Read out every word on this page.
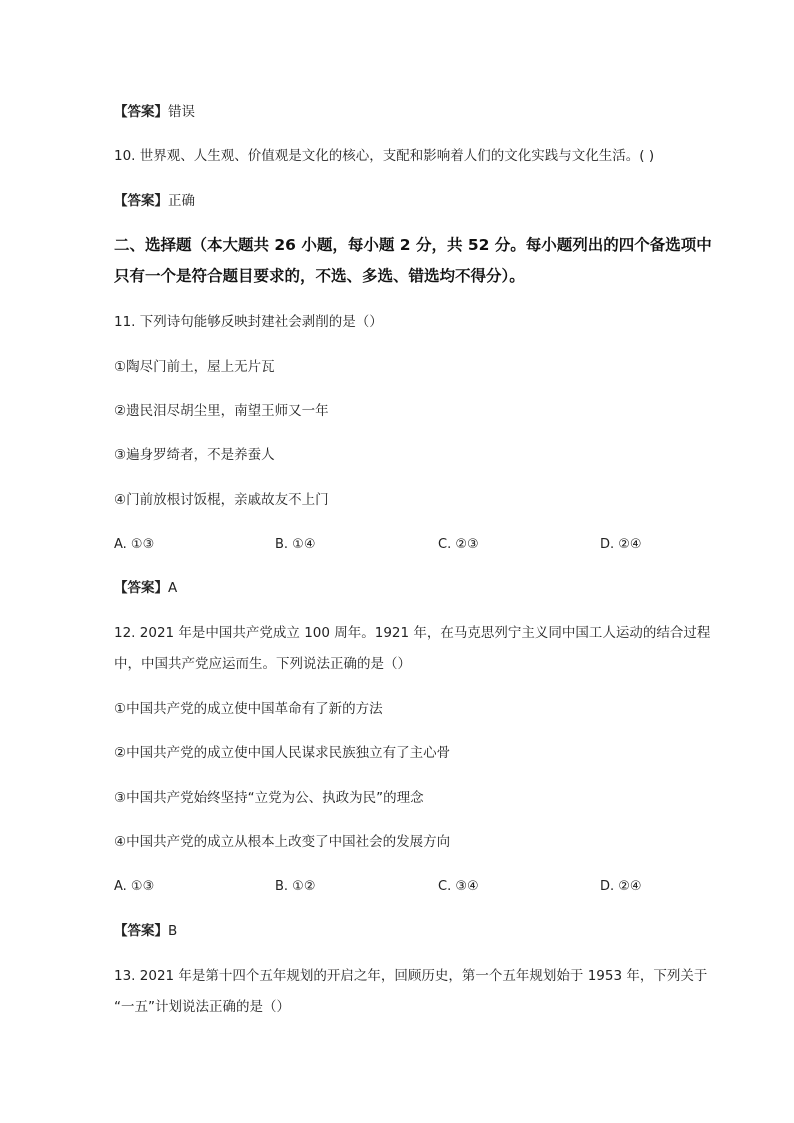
【答案】错误
10. 世界观、人生观、价值观是文化的核心，支配和影响着人们的文化实践与文化生活。( )
【答案】正确
二、选择题（本大题共 26 小题，每小题 2 分，共 52 分。每小题列出的四个备选项中
只有一个是符合题目要求的，不选、多选、错选均不得分）。
11. 下列诗句能够反映封建社会剥削的是（）
①陶尽门前土，屋上无片瓦
②遗民泪尽胡尘里，南望王师又一年
③遍身罗绮者，不是养蚕人
④门前放根讨饭棍，亲戚故友不上门
A. ①③	B. ①④	C. ②③	D. ②④
【答案】A
12. 2021 年是中国共产党成立 100 周年。1921 年，在马克思列宁主义同中国工人运动的结合过程
中，中国共产党应运而生。下列说法正确的是（）
①中国共产党的成立使中国革命有了新的方法
②中国共产党的成立使中国人民谋求民族独立有了主心骨
③中国共产党始终坚持“立党为公、执政为民”的理念
④中国共产党的成立从根本上改变了中国社会的发展方向
A. ①③	B. ①②	C. ③④	D. ②④
【答案】B
13. 2021 年是第十四个五年规划的开启之年，回顾历史，第一个五年规划始于 1953 年，下列关于
“一五”计划说法正确的是（）
